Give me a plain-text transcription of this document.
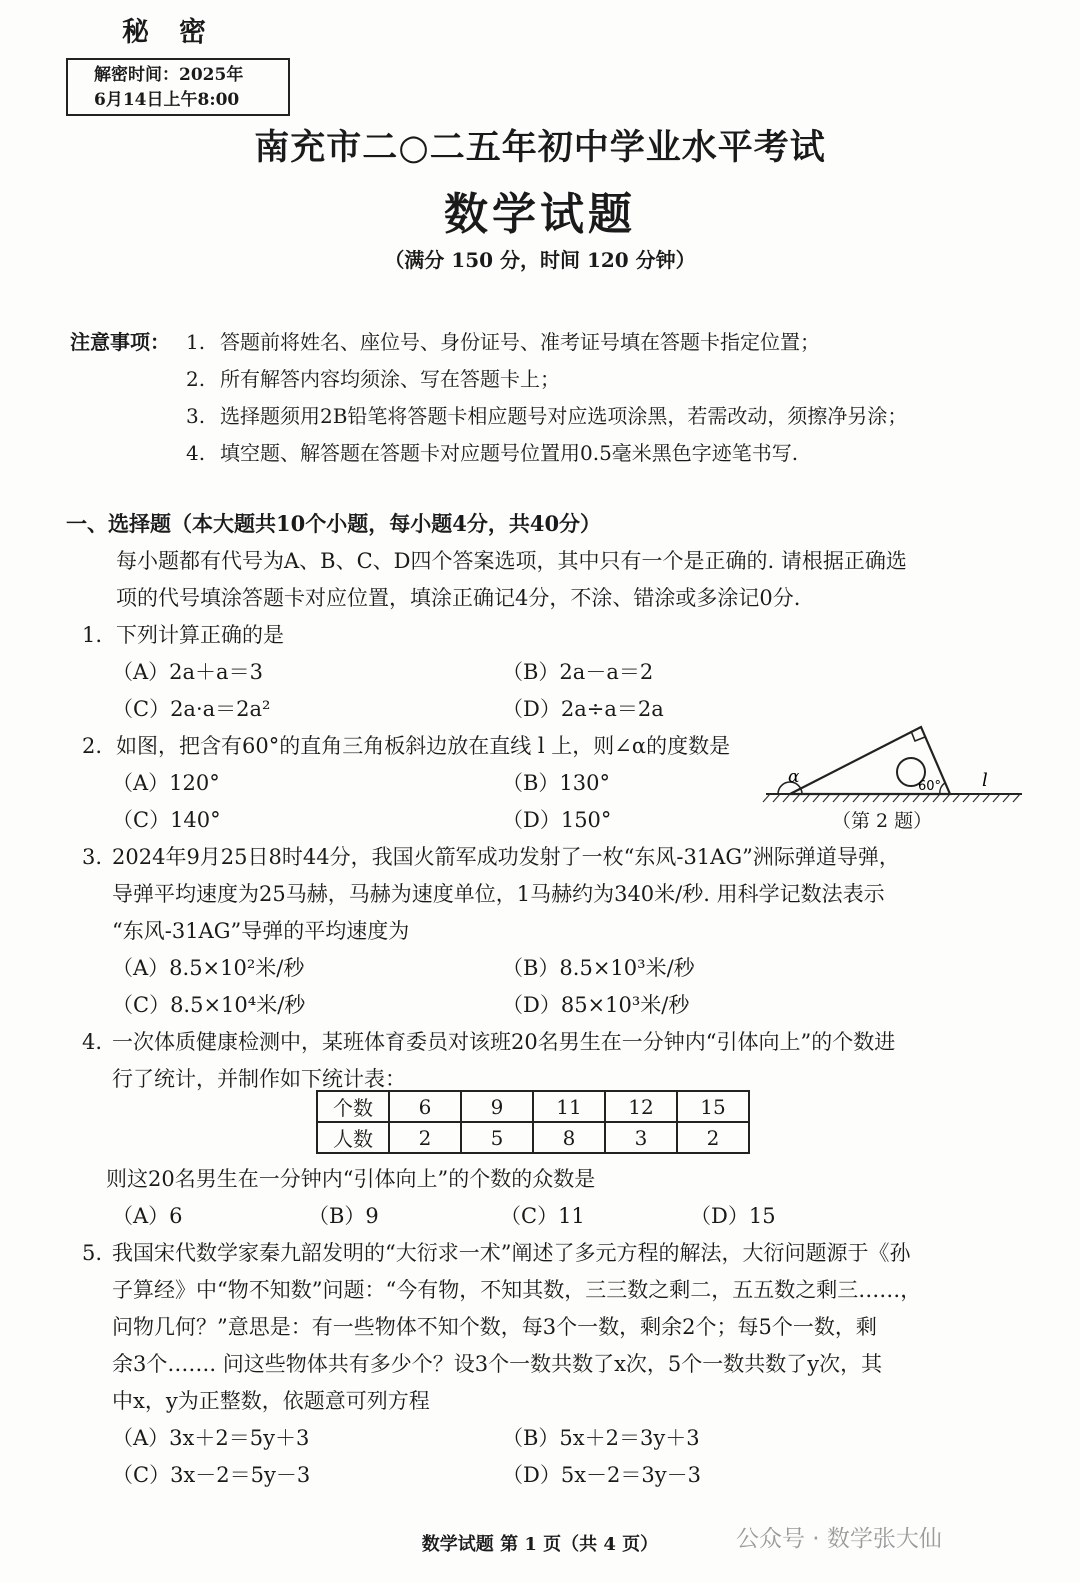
秘密
解密时间：2025年
6月14日上午8:00
南充市二○二五年初中学业水平考试
数学试题
（满分 150 分，时间 120 分钟）
注意事项： 1. 答题前将姓名、座位号、身份证号、准考证号填在答题卡指定位置；
2. 所有解答内容均须涂、写在答题卡上；
3. 选择题须用2B铅笔将答题卡相应题号对应选项涂黑，若需改动，须擦净另涂；
4. 填空题、解答题在答题卡对应题号位置用0.5毫米黑色字迹笔书写.
一、选择题（本大题共10个小题，每小题4分，共40分）
每小题都有代号为A、B、C、D四个答案选项，其中只有一个是正确的. 请根据正确选
项的代号填涂答题卡对应位置，填涂正确记4分，不涂、错涂或多涂记0分.
1. 下列计算正确的是
（A）2a＋a＝3	（B）2a－a＝2
（C）2a·a＝2a²	（D）2a÷a＝2a
2. 如图，把含有60°的直角三角板斜边放在直线 l 上，则∠α的度数是
（A）120°	（B）130°
（C）140°	（D）150°
α	60° l
（第 2 题）
3. 2024年9月25日8时44分，我国火箭军成功发射了一枚“东风-31AG”洲际弹道导弹，
导弹平均速度为25马赫，马赫为速度单位，1马赫约为340米/秒. 用科学记数法表示
“东风-31AG”导弹的平均速度为
（A）8.5×10²米/秒	（B）8.5×10³米/秒
（C）8.5×10⁴米/秒	（D）85×10³米/秒
4. 一次体质健康检测中，某班体育委员对该班20名男生在一分钟内“引体向上”的个数进
行了统计，并制作如下统计表：
个数	6	9	11	12	15
人数	2	5	8	3	2
则这20名男生在一分钟内“引体向上”的个数的众数是
（A）6	（B）9	（C）11	（D）15
5. 我国宋代数学家秦九韶发明的“大衍求一术”阐述了多元方程的解法，大衍问题源于《孙
子算经》中“物不知数”问题：“今有物，不知其数，三三数之剩二，五五数之剩三……，
问物几何？”意思是：有一些物体不知个数，每3个一数，剩余2个；每5个一数，剩
余3个……. 问这些物体共有多少个？设3个一数共数了x次，5个一数共数了y次，其
中x，y为正整数，依题意可列方程
（A）3x＋2＝5y＋3	（B）5x＋2＝3y＋3
（C）3x－2＝5y－3	（D）5x－2＝3y－3
数学试题 第 1 页（共 4 页）	公众号 · 数学张大仙
